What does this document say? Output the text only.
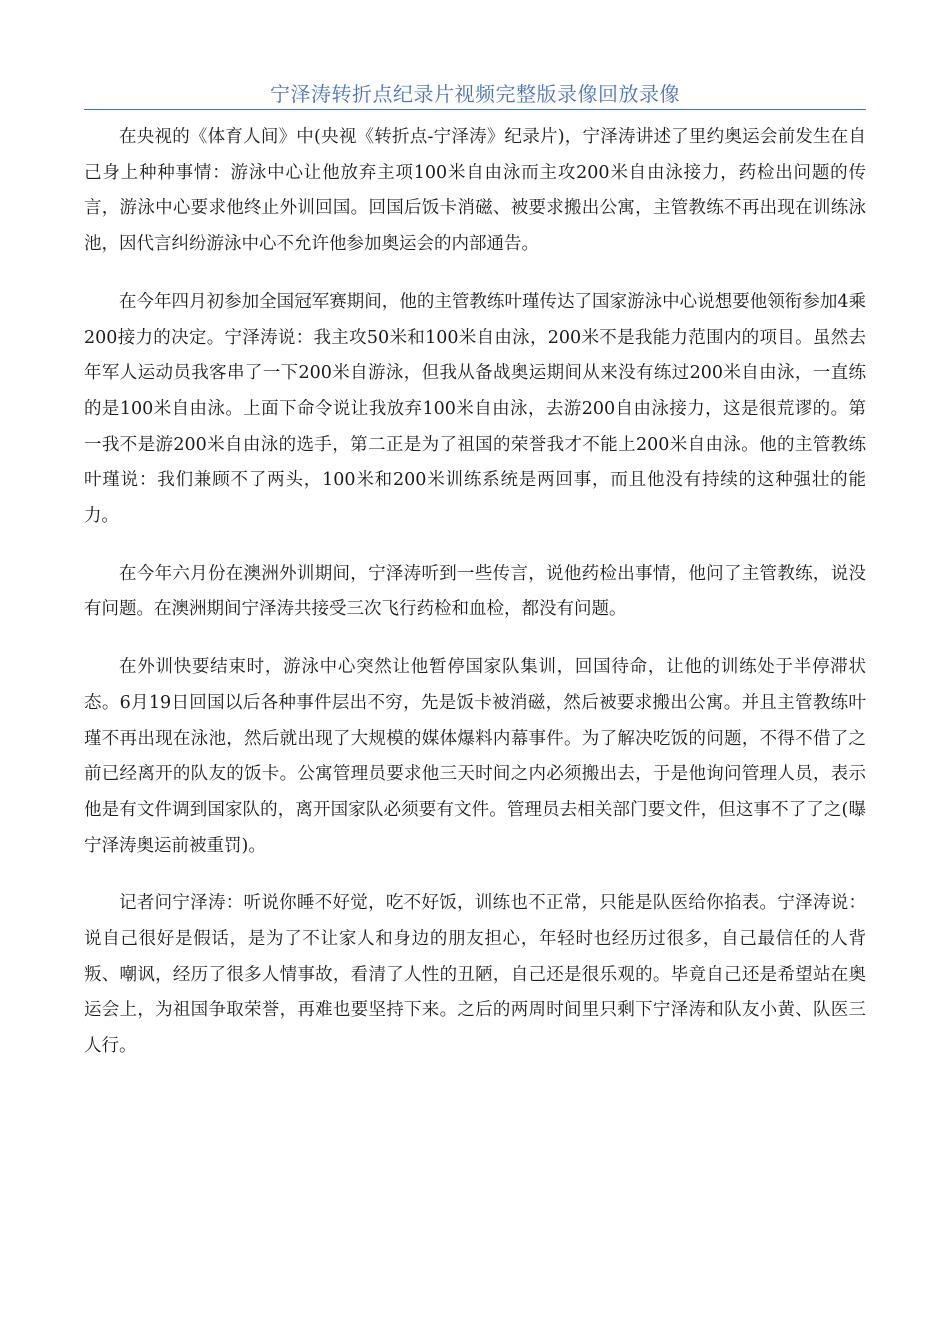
宁泽涛转折点纪录片视频完整版录像回放录像

在央视的《体育人间》中(央视《转折点-宁泽涛》纪录片)，宁泽涛讲述了里约奥运会前发生在自己身上种种事情：游泳中心让他放弃主项100米自由泳而主攻200米自由泳接力，药检出问题的传言，游泳中心要求他终止外训回国。回国后饭卡消磁、被要求搬出公寓，主管教练不再出现在训练泳池，因代言纠纷游泳中心不允许他参加奥运会的内部通告。

在今年四月初参加全国冠军赛期间，他的主管教练叶瑾传达了国家游泳中心说想要他领衔参加4乘200接力的决定。宁泽涛说：我主攻50米和100米自由泳，200米不是我能力范围内的项目。虽然去年军人运动员我客串了一下200米自游泳，但我从备战奥运期间从来没有练过200米自由泳，一直练的是100米自由泳。上面下命令说让我放弃100米自由泳，去游200自由泳接力，这是很荒谬的。第一我不是游200米自由泳的选手，第二正是为了祖国的荣誉我才不能上200米自由泳。他的主管教练叶瑾说：我们兼顾不了两头，100米和200米训练系统是两回事，而且他没有持续的这种强壮的能力。

在今年六月份在澳洲外训期间，宁泽涛听到一些传言，说他药检出事情，他问了主管教练，说没有问题。在澳洲期间宁泽涛共接受三次飞行药检和血检，都没有问题。

在外训快要结束时，游泳中心突然让他暂停国家队集训，回国待命，让他的训练处于半停滞状态。6月19日回国以后各种事件层出不穷，先是饭卡被消磁，然后被要求搬出公寓。并且主管教练叶瑾不再出现在泳池，然后就出现了大规模的媒体爆料内幕事件。为了解决吃饭的问题，不得不借了之前已经离开的队友的饭卡。公寓管理员要求他三天时间之内必须搬出去，于是他询问管理人员，表示他是有文件调到国家队的，离开国家队必须要有文件。管理员去相关部门要文件，但这事不了了之(曝宁泽涛奥运前被重罚)。

记者问宁泽涛：听说你睡不好觉，吃不好饭，训练也不正常，只能是队医给你掐表。宁泽涛说：说自己很好是假话，是为了不让家人和身边的朋友担心，年轻时也经历过很多，自己最信任的人背叛、嘲讽，经历了很多人情事故，看清了人性的丑陋，自己还是很乐观的。毕竟自己还是希望站在奥运会上，为祖国争取荣誉，再难也要坚持下来。之后的两周时间里只剩下宁泽涛和队友小黄、队医三人行。
